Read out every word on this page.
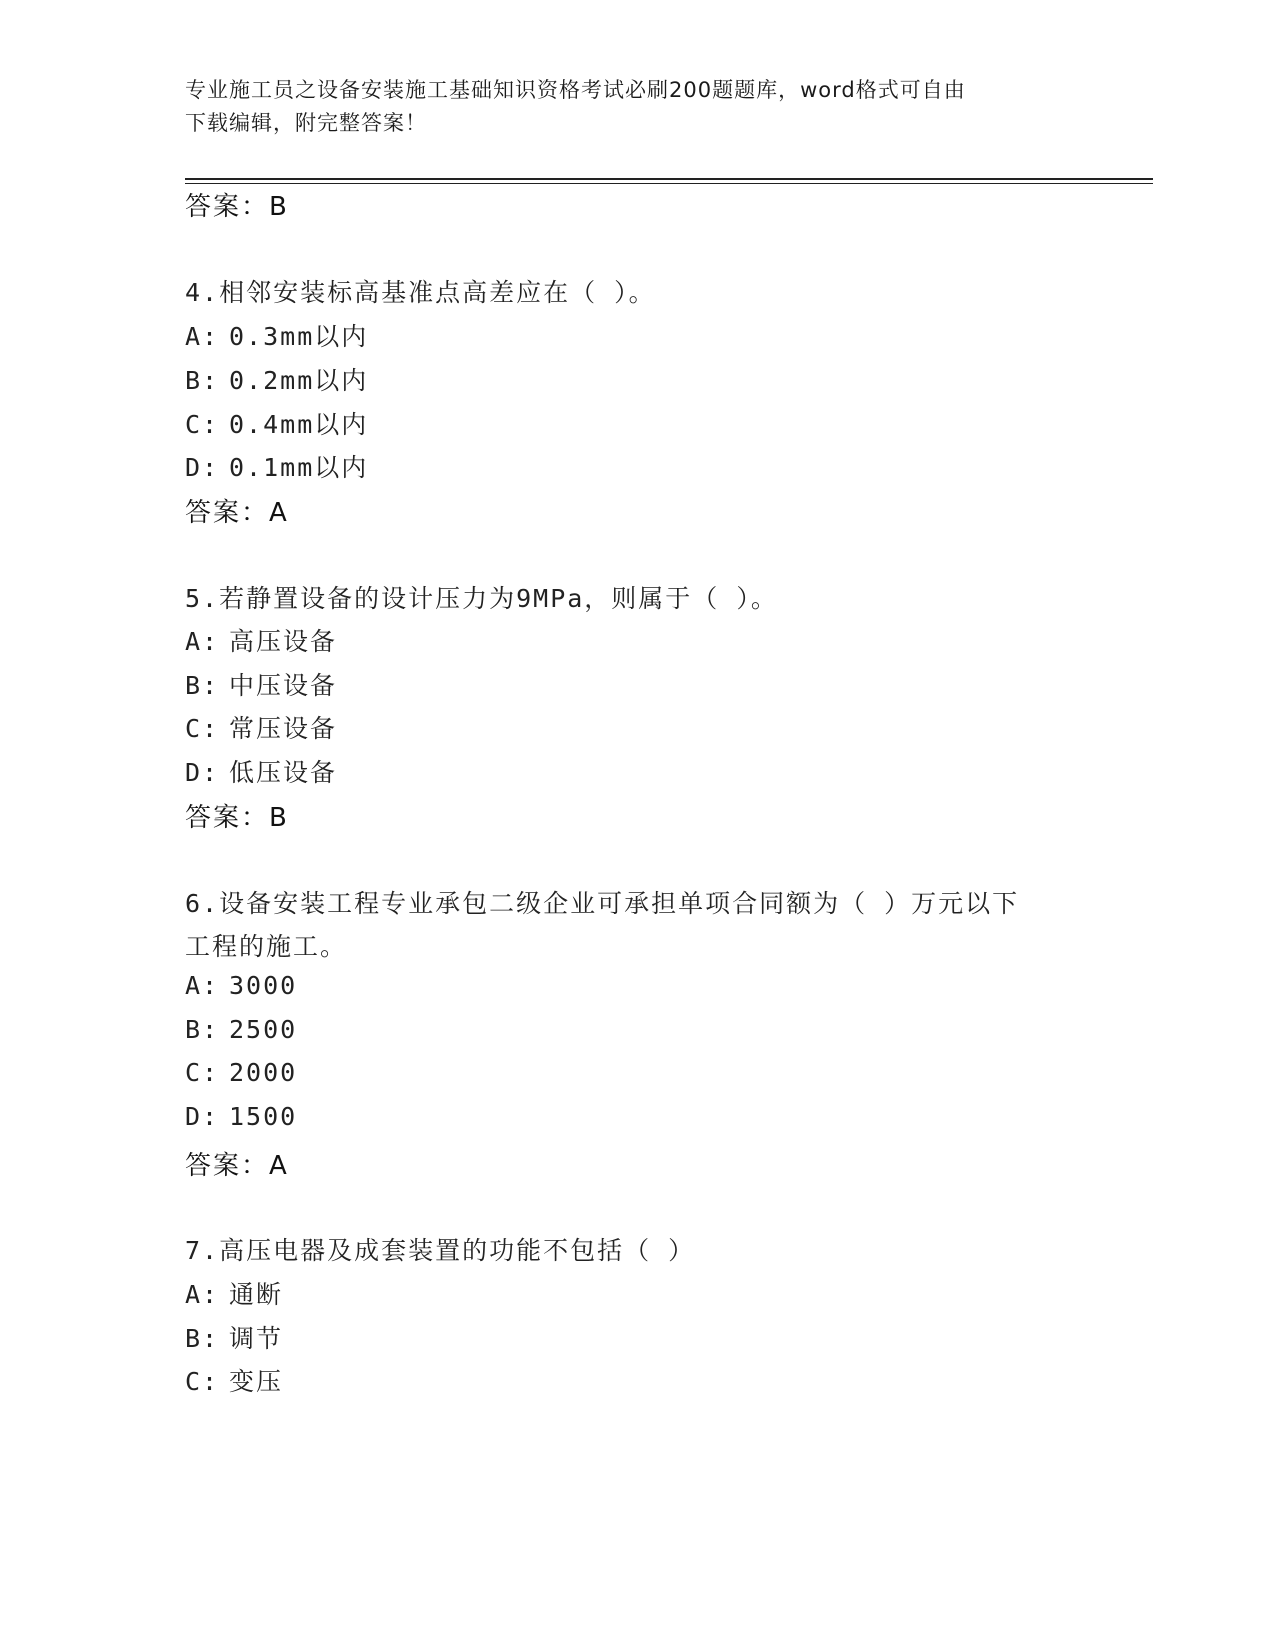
专业施工员之设备安装施工基础知识资格考试必刷200题题库，word格式可自由
下载编辑，附完整答案！
答案：B
4.相邻安装标高基准点高差应在（ ）。
A: 0.3mm以内
B: 0.2mm以内
C: 0.4mm以内
D: 0.1mm以内
答案：A
5.若静置设备的设计压力为9MPa，则属于（ ）。
A: 高压设备
B: 中压设备
C: 常压设备
D: 低压设备
答案：B
6.设备安装工程专业承包二级企业可承担单项合同额为（ ）万元以下
工程的施工。
A: 3000
B: 2500
C: 2000
D: 1500
答案：A
7.高压电器及成套装置的功能不包括（ ）
A: 通断
B: 调节
C: 变压
